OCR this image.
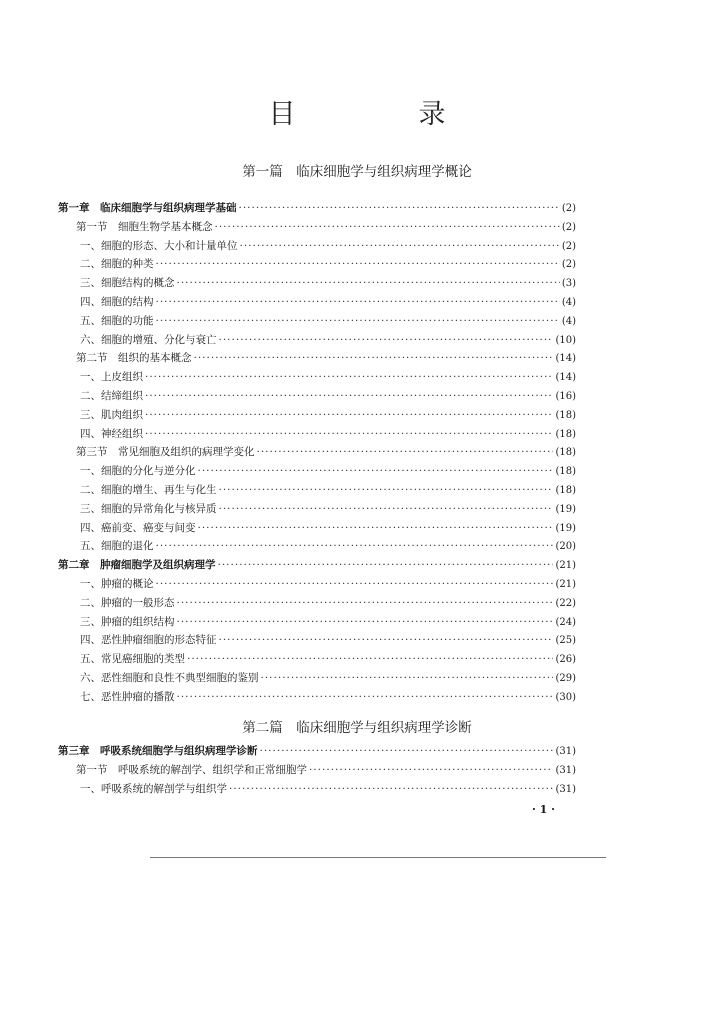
目　录
第一篇　临床细胞学与组织病理学概论
第一章　临床细胞学与组织病理学基础 ·····	(2)
第一节　细胞生物学基本概念 ·····	(2)
一、细胞的形态、大小和计量单位 ·····	(2)
二、细胞的种类 ·····	(2)
三、细胞结构的概念 ·····	(3)
四、细胞的结构 ·····	(4)
五、细胞的功能 ·····	(4)
六、细胞的增殖、分化与衰亡 ·····	(10)
第二节　组织的基本概念 ·····	(14)
一、上皮组织 ·····	(14)
二、结缔组织 ·····	(16)
三、肌肉组织 ·····	(18)
四、神经组织 ·····	(18)
第三节　常见细胞及组织的病理学变化 ·····	(18)
一、细胞的分化与逆分化 ·····	(18)
二、细胞的增生、再生与化生 ·····	(18)
三、细胞的异常角化与核异质 ·····	(19)
四、癌前变、癌变与间变 ·····	(19)
五、细胞的退化 ·····	(20)
第二章　肿瘤细胞学及组织病理学 ·····	(21)
一、肿瘤的概论 ·····	(21)
二、肿瘤的一般形态 ·····	(22)
三、肿瘤的组织结构 ·····	(24)
四、恶性肿瘤细胞的形态特征 ·····	(25)
五、常见癌细胞的类型 ·····	(26)
六、恶性细胞和良性不典型细胞的鉴别 ·····	(29)
七、恶性肿瘤的播散 ·····	(30)
第二篇　临床细胞学与组织病理学诊断
第三章　呼吸系统细胞学与组织病理学诊断 ·····	(31)
第一节　呼吸系统的解剖学、组织学和正常细胞学 ·····	(31)
一、呼吸系统的解剖学与组织学 ·····	(31)
· 1 ·
